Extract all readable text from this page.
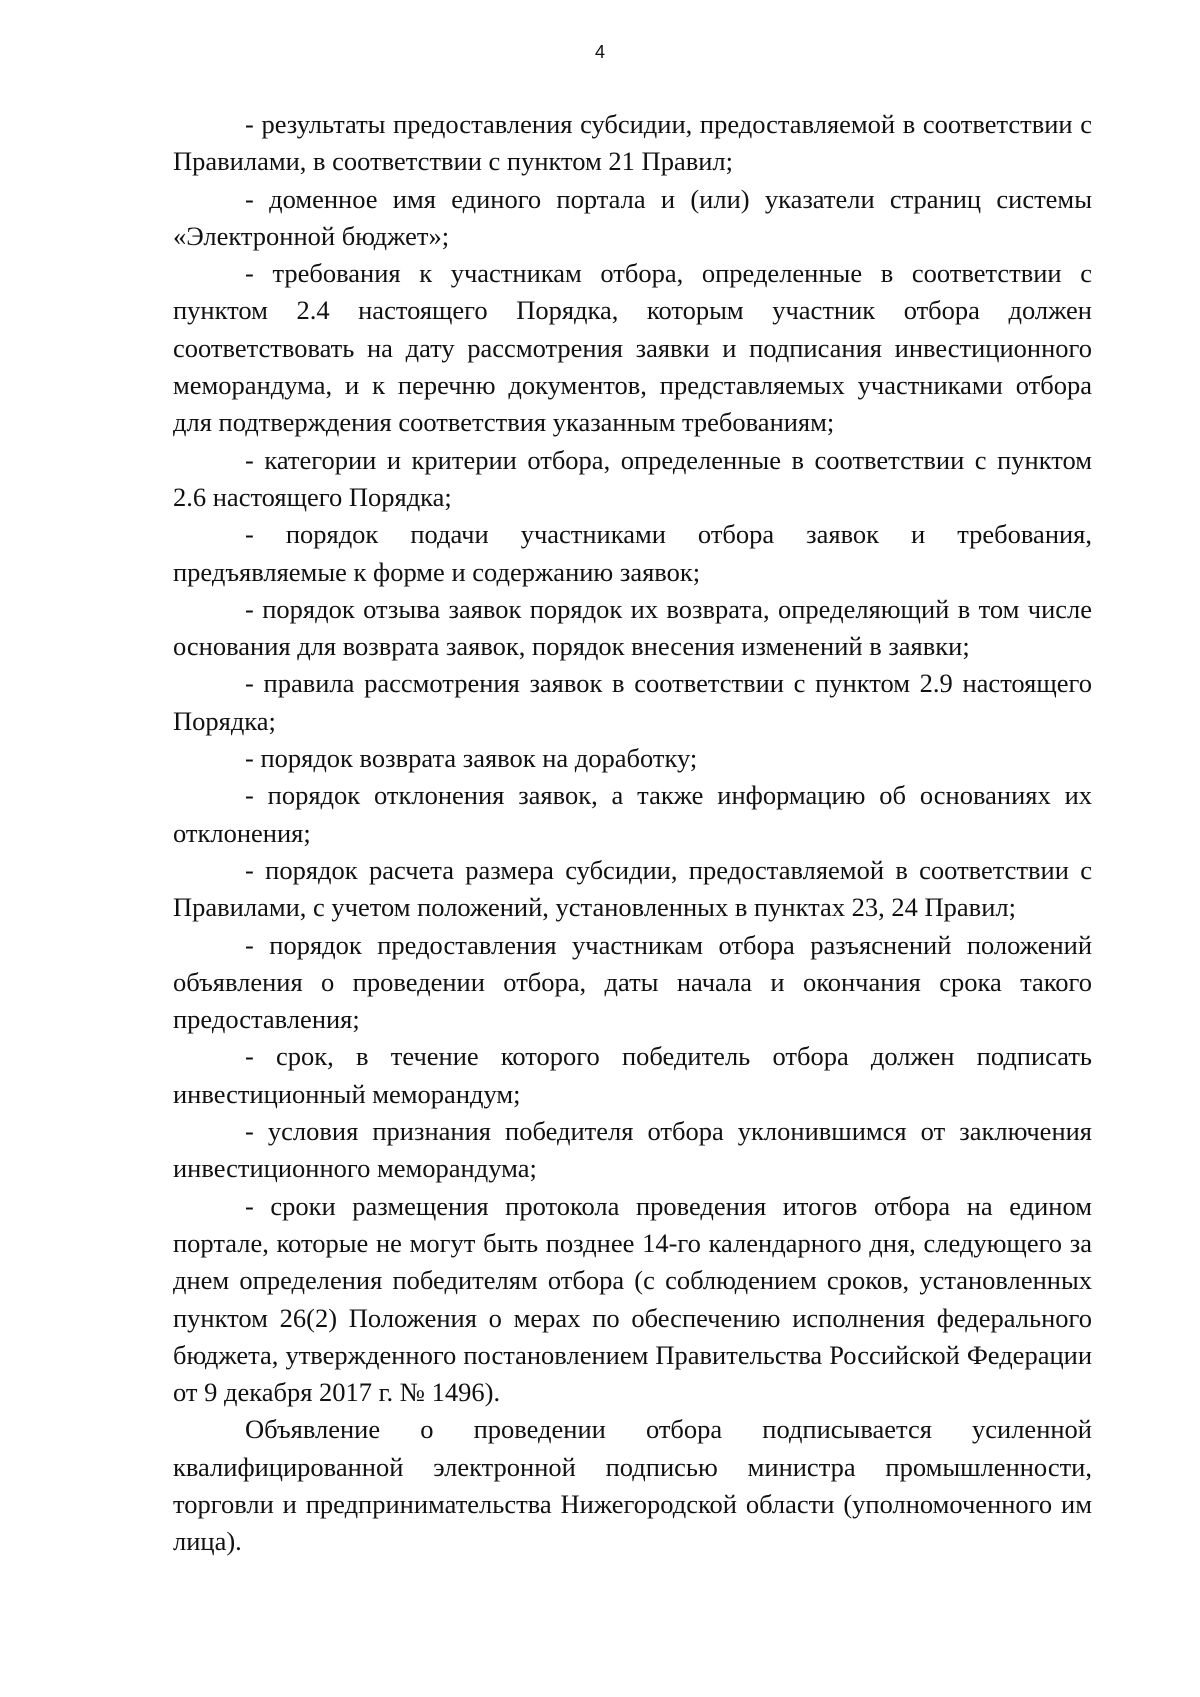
4

- результаты предоставления субсидии, предоставляемой в соответствии с Правилами, в соответствии с пунктом 21 Правил;

- доменное имя единого портала и (или) указатели страниц системы «Электронной бюджет»;

- требования к участникам отбора, определенные в соответствии с пунктом 2.4 настоящего Порядка, которым участник отбора должен соответствовать на дату рассмотрения заявки и подписания инвестиционного меморандума, и к перечню документов, представляемых участниками отбора для подтверждения соответствия указанным требованиям;

- категории и критерии отбора, определенные в соответствии с пунктом 2.6 настоящего Порядка;

- порядок подачи участниками отбора заявок и требования, предъявляемые к форме и содержанию заявок;

- порядок отзыва заявок порядок их возврата, определяющий в том числе основания для возврата заявок, порядок внесения изменений в заявки;

- правила рассмотрения заявок в соответствии с пунктом 2.9 настоящего Порядка;

- порядок возврата заявок на доработку;

- порядок отклонения заявок, а также информацию об основаниях их отклонения;

- порядок расчета размера субсидии, предоставляемой в соответствии с Правилами, с учетом положений, установленных в пунктах 23, 24 Правил;

- порядок предоставления участникам отбора разъяснений положений объявления о проведении отбора, даты начала и окончания срока такого предоставления;

- срок, в течение которого победитель отбора должен подписать инвестиционный меморандум;

- условия признания победителя отбора уклонившимся от заключения инвестиционного меморандума;

- сроки размещения протокола проведения итогов отбора на едином портале, которые не могут быть позднее 14-го календарного дня, следующего за днем определения победителям отбора (с соблюдением сроков, установленных пунктом 26(2) Положения о мерах по обеспечению исполнения федерального бюджета, утвержденного постановлением Правительства Российской Федерации от 9 декабря 2017 г. № 1496).

Объявление о проведении отбора подписывается усиленной квалифицированной электронной подписью министра промышленности, торговли и предпринимательства Нижегородской области (уполномоченного им лица).
